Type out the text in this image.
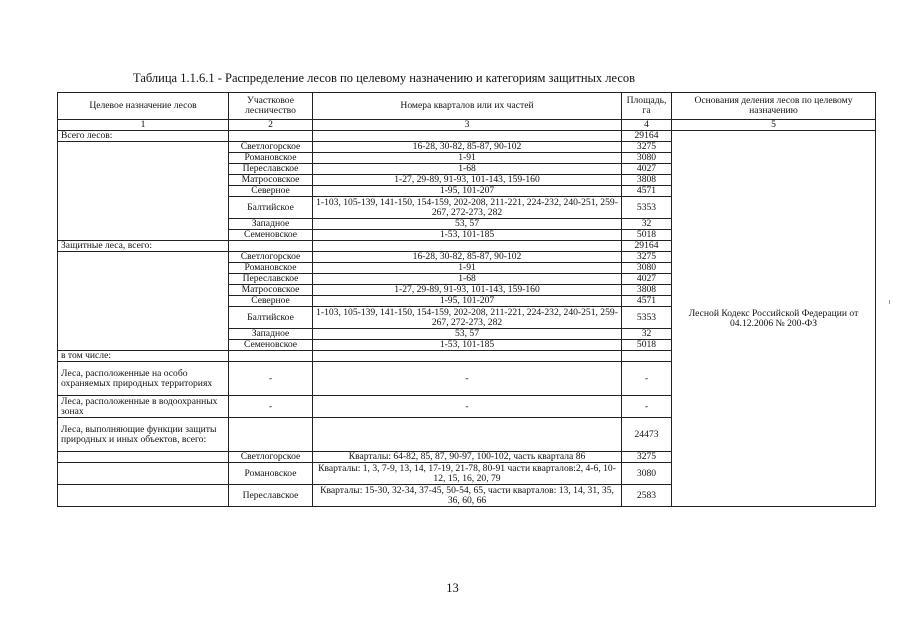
Таблица 1.1.6.1 - Распределение лесов по целевому назначению и категориям защитных лесов
Целевое назначение лесов	Участковое лесничество	Номера кварталов или их частей	Площадь, га	Основания деления лесов по целевому назначению
1	2	3	4	5
Всего лесов:			29164	Лесной Кодекс Российской Федерации от 04.12.2006 № 200-ФЗ
	Светлогорское	16-28, 30-82, 85-87, 90-102	3275	
	Романовское	1-91	3080	
	Переславское	1-68	4027	
	Матросовское	1-27, 29-89, 91-93, 101-143, 159-160	3808	
	Северное	1-95, 101-207	4571	
	Балтийское	1-103, 105-139, 141-150, 154-159, 202-208, 211-221, 224-232, 240-251, 259-267, 272-273, 282	5353	
	Западное	53, 57	32	
	Семеновское	1-53, 101-185	5018	
Защитные леса, всего:			29164	
	Светлогорское	16-28, 30-82, 85-87, 90-102	3275	
	Романовское	1-91	3080	
	Переславское	1-68	4027	
	Матросовское	1-27, 29-89, 91-93, 101-143, 159-160	3808	
	Северное	1-95, 101-207	4571	
	Балтийское	1-103, 105-139, 141-150, 154-159, 202-208, 211-221, 224-232, 240-251, 259-267, 272-273, 282	5353	
	Западное	53, 57	32	
	Семеновское	1-53, 101-185	5018	
в том числе:				
Леса, расположенные на особо охраняемых природных территориях	-	-	-	
Леса, расположенные в водоохранных зонах	-	-	-	
Леса, выполняющие функции защиты природных и иных объектов, всего:			24473	
	Светлогорское	Кварталы: 64-82, 85, 87, 90-97, 100-102, часть квартала 86	3275	
	Романовское	Кварталы: 1, 3, 7-9, 13, 14, 17-19, 21-78, 80-91 части кварталов:2, 4-6, 10-12, 15, 16, 20, 79	3080	
	Переславское	Кварталы: 15-30, 32-34, 37-45, 50-54, 65, части кварталов: 13, 14, 31, 35, 36, 60, 66	2583	
13
